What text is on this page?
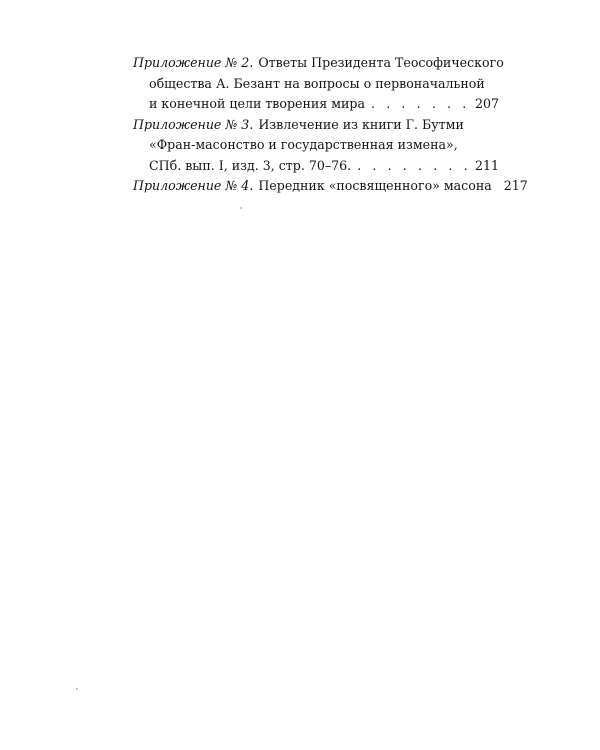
Приложение № 2. Ответы Президента Теософического
общества А. Безант на вопросы о первоначальной
и конечной цели творения мира . . .	207
Приложение № 3. Извлечение из книги Г. Бутми
«Фран-масонство и государственная измена»,
СПб. вып. I, изд. 3, стр. 70–76. . . .	211
Приложение № 4. Передник «посвященного» масона 217
